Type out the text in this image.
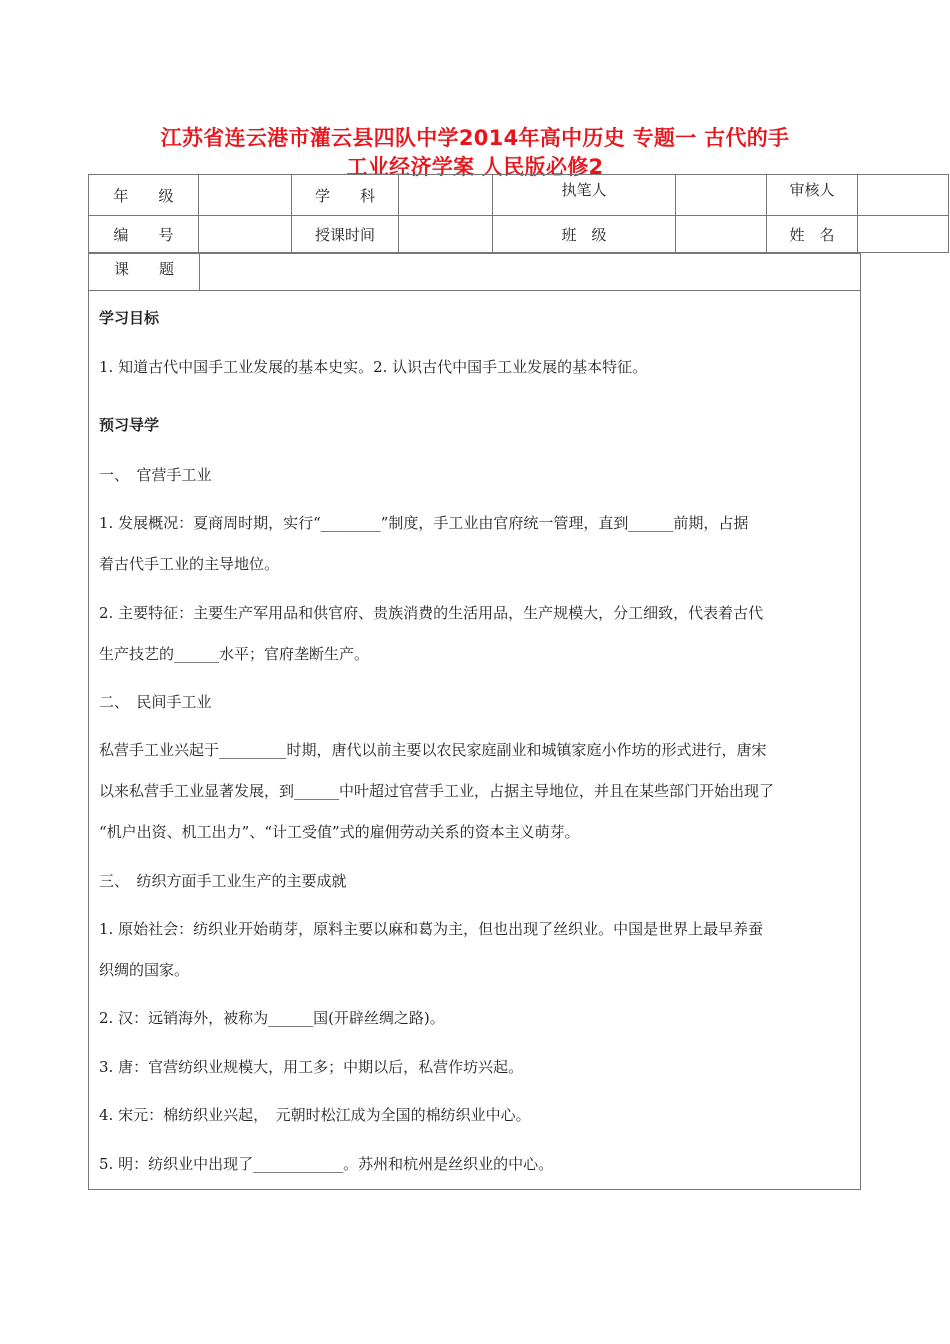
江苏省连云港市灌云县四队中学2014年高中历史 专题一 古代的手
工业经济学案 人民版必修2
年　　级		学　　科		执笔人		审核人	
编　　号		授课时间		班　级		姓　名	
课　　题
学习目标
1. 知道古代中国手工业发展的基本史实。2. 认识古代中国手工业发展的基本特征。
预习导学
一、　官营手工业
1. 发展概况：夏商周时期，实行“________”制度，手工业由官府统一管理，直到______前期，占据
着古代手工业的主导地位。
2. 主要特征：主要生产军用品和供官府、贵族消费的生活用品，生产规模大，分工细致，代表着古代
生产技艺的______水平；官府垄断生产。
二、　民间手工业
私营手工业兴起于_________时期，唐代以前主要以农民家庭副业和城镇家庭小作坊的形式进行，唐宋
以来私营手工业显著发展，到______中叶超过官营手工业，占据主导地位，并且在某些部门开始出现了
“机户出资、机工出力”、“计工受值”式的雇佣劳动关系的资本主义萌芽。
三、　纺织方面手工业生产的主要成就
1. 原始社会：纺织业开始萌芽，原料主要以麻和葛为主，但也出现了丝织业。中国是世界上最早养蚕
织绸的国家。
2. 汉：远销海外，被称为______国(开辟丝绸之路)。
3. 唐：官营纺织业规模大，用工多；中期以后，私营作坊兴起。
4. 宋元：棉纺织业兴起，　元朝时松江成为全国的棉纺织业中心。
5. 明：纺织业中出现了____________。苏州和杭州是丝织业的中心。
